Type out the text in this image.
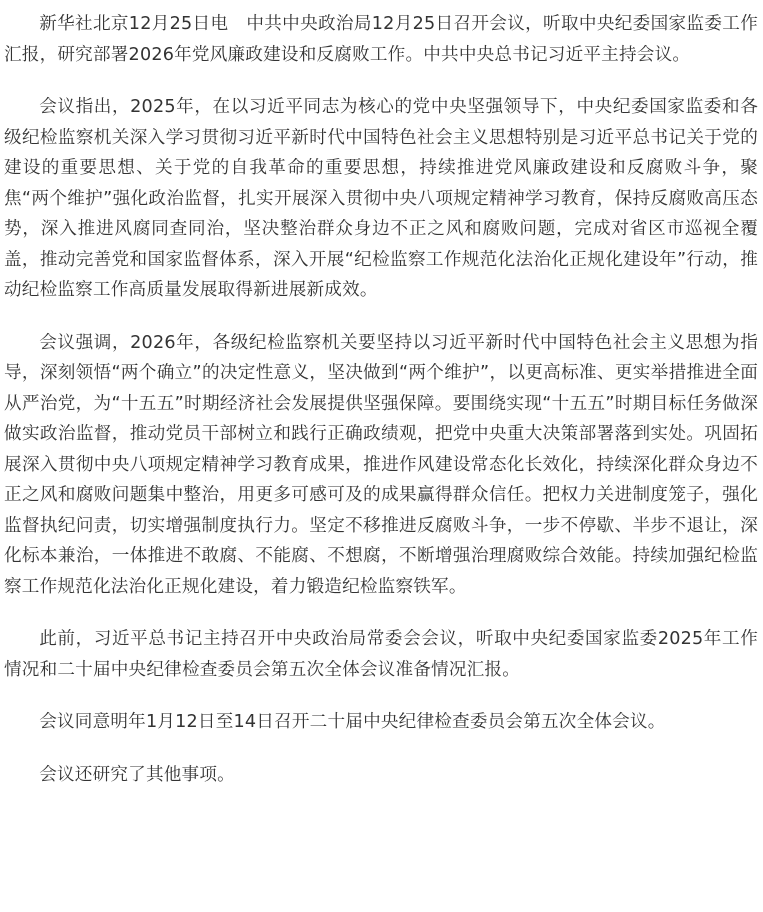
新华社北京12月25日电　中共中央政治局12月25日召开会议，听取中央纪委国家监委工作汇报，研究部署2026年党风廉政建设和反腐败工作。中共中央总书记习近平主持会议。

会议指出，2025年，在以习近平同志为核心的党中央坚强领导下，中央纪委国家监委和各级纪检监察机关深入学习贯彻习近平新时代中国特色社会主义思想特别是习近平总书记关于党的建设的重要思想、关于党的自我革命的重要思想，持续推进党风廉政建设和反腐败斗争，聚焦“两个维护”强化政治监督，扎实开展深入贯彻中央八项规定精神学习教育，保持反腐败高压态势，深入推进风腐同查同治，坚决整治群众身边不正之风和腐败问题，完成对省区市巡视全覆盖，推动完善党和国家监督体系，深入开展“纪检监察工作规范化法治化正规化建设年”行动，推动纪检监察工作高质量发展取得新进展新成效。

会议强调，2026年，各级纪检监察机关要坚持以习近平新时代中国特色社会主义思想为指导，深刻领悟“两个确立”的决定性意义，坚决做到“两个维护”，以更高标准、更实举措推进全面从严治党，为“十五五”时期经济社会发展提供坚强保障。要围绕实现“十五五”时期目标任务做深做实政治监督，推动党员干部树立和践行正确政绩观，把党中央重大决策部署落到实处。巩固拓展深入贯彻中央八项规定精神学习教育成果，推进作风建设常态化长效化，持续深化群众身边不正之风和腐败问题集中整治，用更多可感可及的成果赢得群众信任。把权力关进制度笼子，强化监督执纪问责，切实增强制度执行力。坚定不移推进反腐败斗争，一步不停歇、半步不退让，深化标本兼治，一体推进不敢腐、不能腐、不想腐，不断增强治理腐败综合效能。持续加强纪检监察工作规范化法治化正规化建设，着力锻造纪检监察铁军。

此前，习近平总书记主持召开中央政治局常委会会议，听取中央纪委国家监委2025年工作情况和二十届中央纪律检查委员会第五次全体会议准备情况汇报。

会议同意明年1月12日至14日召开二十届中央纪律检查委员会第五次全体会议。

会议还研究了其他事项。
